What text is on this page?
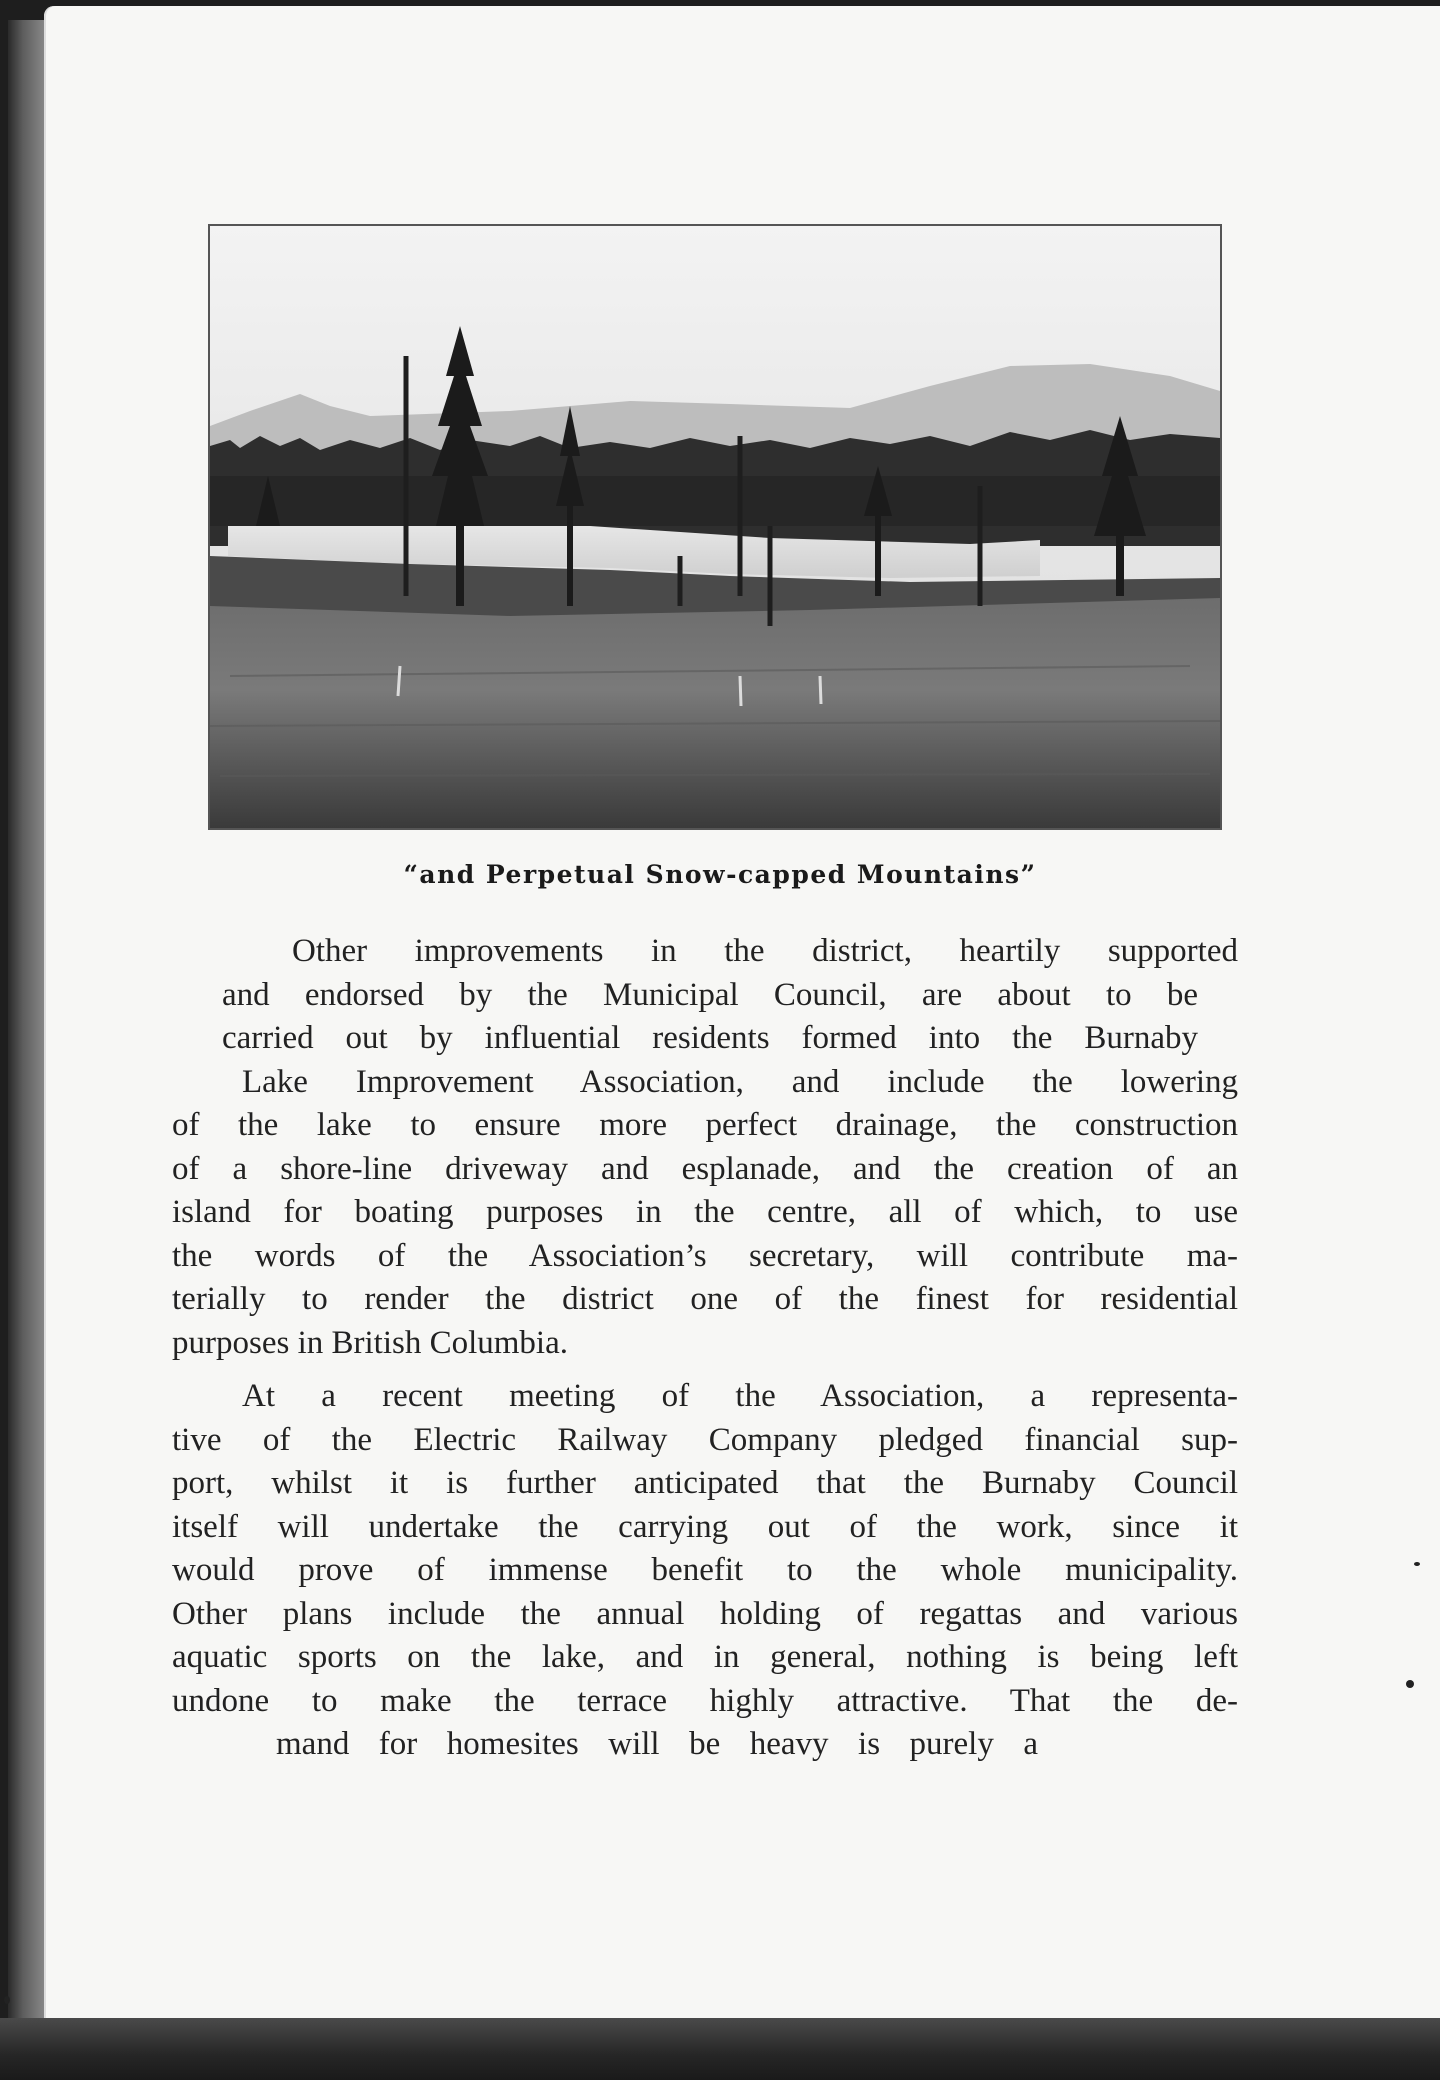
“and Perpetual Snow-capped Mountains”
Other improvements in the district, heartily supported
and endorsed by the Municipal Council, are about to be
carried out by influential residents formed into the Burnaby
Lake Improvement Association, and include the lowering
of the lake to ensure more perfect drainage, the construction
of a shore-line driveway and esplanade, and the creation of an
island for boating purposes in the centre, all of which, to use
the words of the Association’s secretary, will contribute ma-
terially to render the district one of the finest for residential
purposes in British Columbia.
At a recent meeting of the Association, a representa-
tive of the Electric Railway Company pledged financial sup-
port, whilst it is further anticipated that the Burnaby Council
itself will undertake the carrying out of the work, since it
would prove of immense benefit to the whole municipality.
Other plans include the annual holding of regattas and various
aquatic sports on the lake, and in general, nothing is being left
undone to make the terrace highly attractive. That the de-
mand for homesites will be heavy is purely a
